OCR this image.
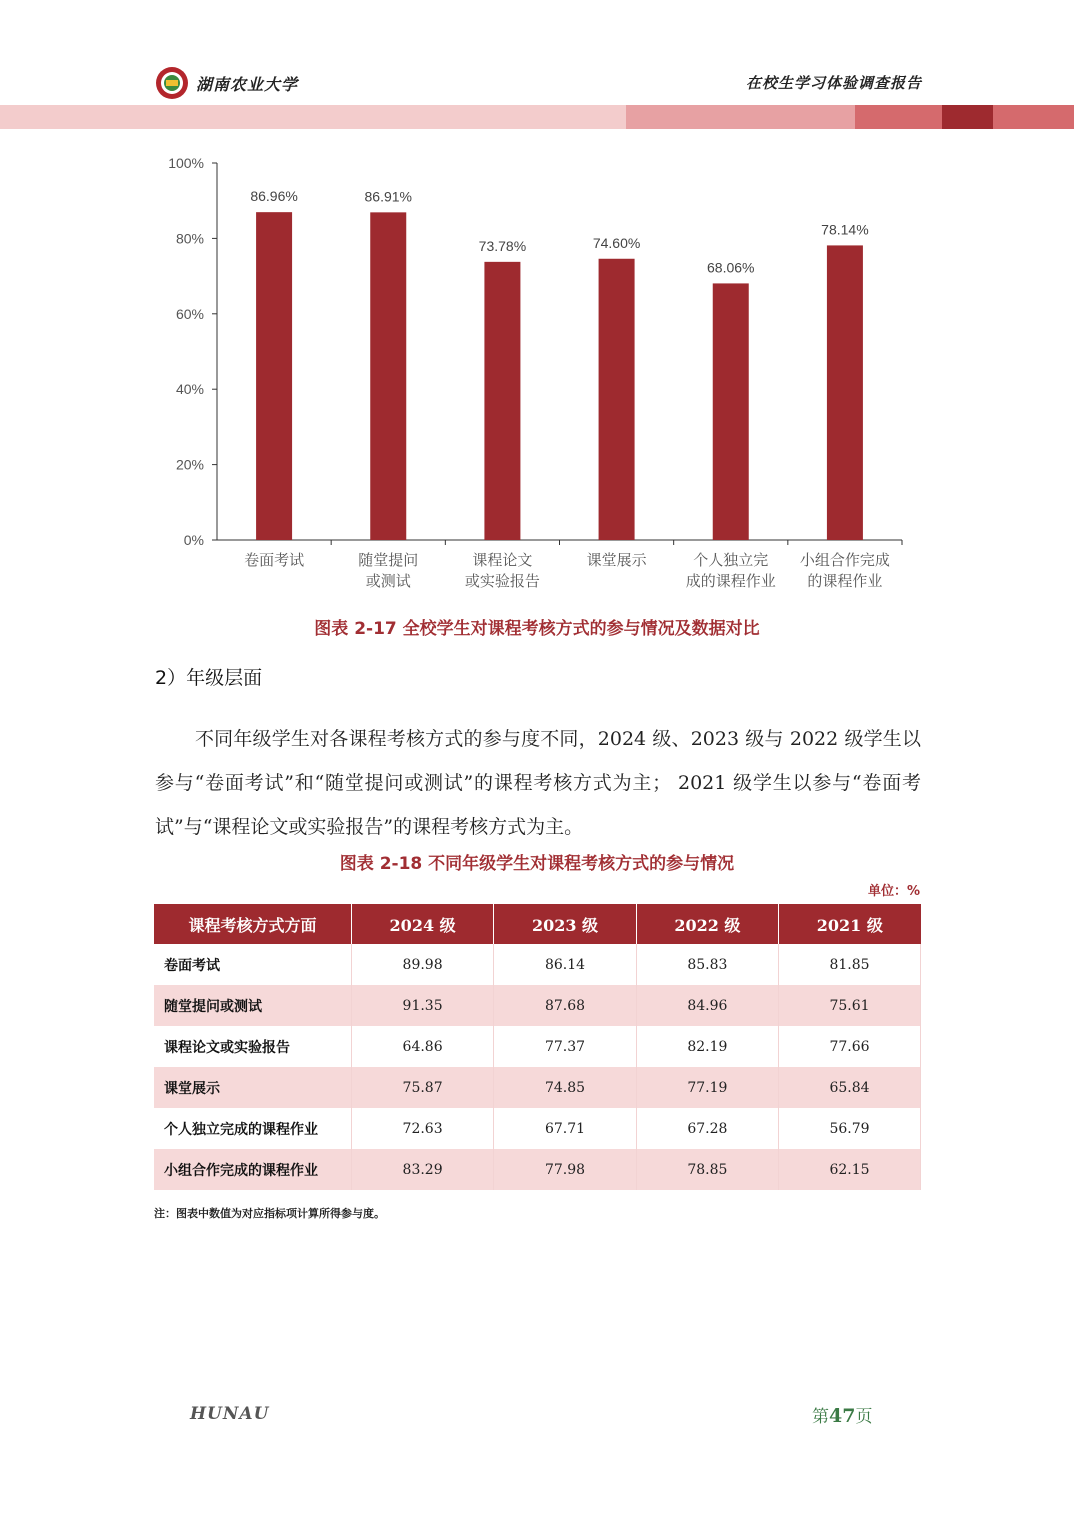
湖南农业大学	在校生学习体验调查报告
0%
20%
40%
60%
80%
100%
86.96%
卷面考试
86.91%
随堂提问
或测试
73.78%
课程论文
或实验报告
74.60%
课堂展示
68.06%
个人独立完
成的课程作业
78.14%
小组合作完成
的课程作业
图表 2-17 全校学生对课程考核方式的参与情况及数据对比
2）年级层面
不同年级学生对各课程考核方式的参与度不同，2024 级、2023 级与 2022 级学生以参与“卷面考试”和“随堂提问或测试”的课程考核方式为主； 2021 级学生以参与“卷面考试”与“课程论文或实验报告”的课程考核方式为主。
图表 2-18 不同年级学生对课程考核方式的参与情况
单位：%
课程考核方式方面	2024 级	2023 级	2022 级	2021 级
卷面考试	89.98	86.14	85.83	81.85
随堂提问或测试	91.35	87.68	84.96	75.61
课程论文或实验报告	64.86	77.37	82.19	77.66
课堂展示	75.87	74.85	77.19	65.84
个人独立完成的课程作业	72.63	67.71	67.28	56.79
小组合作完成的课程作业	83.29	77.98	78.85	62.15
注：图表中数值为对应指标项计算所得参与度。
HUNAU	第47页
